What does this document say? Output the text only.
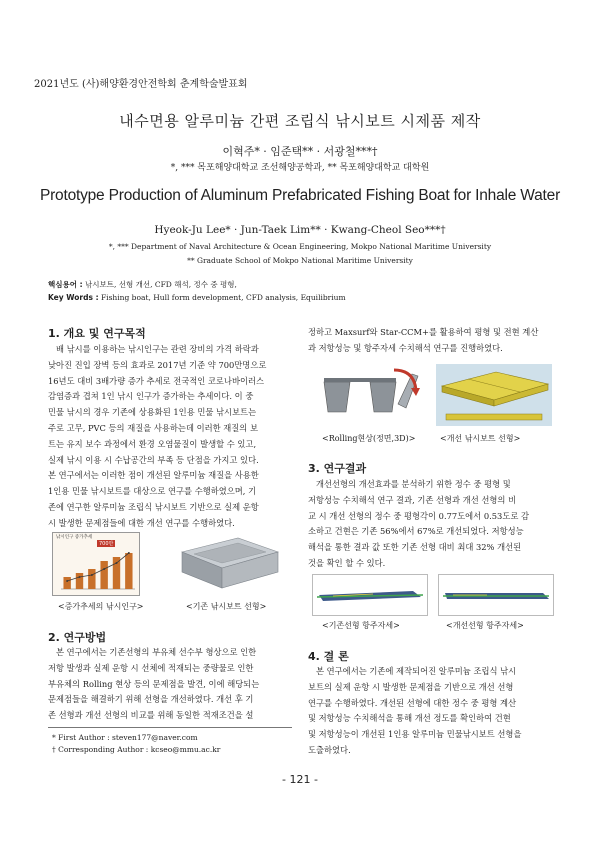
2021년도 (사)해양환경안전학회 춘계학술발표회
내수면용 알루미늄 간편 조립식 낚시보트 시제품 제작
이혁주* · 임준택** · 서광철***†
*, *** 목포해양대학교 조선해양공학과, ** 목포해양대학교 대학원
Prototype Production of Aluminum Prefabricated Fishing Boat for Inhale Water
Hyeok-Ju Lee* · Jun-Taek Lim** · Kwang-Cheol Seo***†
*, *** Department of Naval Architecture & Ocean Engineering, Mokpo National Maritime University
** Graduate School of Mokpo National Maritime University
핵심용어 : 낚시보트, 선형 개선, CFD 해석, 정수 중 평형,
Key Words : Fishing boat, Hull form development, CFD analysis, Equilibrium
1. 개요 및 연구목적
배 낚시를 이용하는 낚시인구는 관련 장비의 가격 하락과
낮아진 진입 장벽 등의 효과로 2017년 기준 약 700만명으로
16년도 대비 3배가량 증가 추세로 전국적인 코로나바이러스
감염증과 겹쳐 1인 낚시 인구가 증가하는 추세이다. 이 중
민물 낚시의 경우 기존에 상용화된 1인용 민물 낚시보트는
주로 고무, PVC 등의 재질을 사용하는데 이러한 재질의 보
트는 유지 보수 과정에서 환경 오염물질이 발생할 수 있고,
실제 낚시 이용 시 수납공간의 부족 등 단점을 가지고 있다.
본 연구에서는 이러한 점이 개선된 알루미늄 재질을 사용한
1인용 민물 낚시보트를 대상으로 연구를 수행하였으며, 기
존에 연구한 알루미늄 조립식 낚시보트 기반으로 실제 운항
시 발생한 문제점들에 대한 개선 연구를 수행하였다.
낚시인구 증가추세
700만
<증가추세의 낚시인구>	<기존 낚시보트 선형>
2. 연구방법
본 연구에서는 기존선형의 부유체 선수부 형상으로 인한
저항 발생과 실제 운항 시 선체에 적재되는 중량물로 인한
부유체의 Rolling 현상 등의 문제점을 발견, 이에 해당되는
문제점들을 해결하기 위해 선형을 개선하였다. 개선 후 기
존 선형과 개선 선형의 비교를 위해 동일한 적재조건을 설
* First Author : steven177@naver.com
† Corresponding Author : kcseo@mmu.ac.kr
정하고 Maxsurf와 Star-CCM+를 활용하여 평형 및 전현 계산
과 저항성능 및 항주자세 수치해석 연구를 진행하였다.
<Rolling현상(정면,3D)>	<개선 낚시보트 선형>
3. 연구결과
개선선형의 개선효과를 분석하기 위한 정수 중 평형 및
저항성능 수치해석 연구 결과, 기존 선형과 개선 선형의 비
교 시 개선 선형의 정수 중 평형각이 0.77도에서 0.53도로 감
소하고 건현은 기존 56%에서 67%로 개선되었다. 저항성능
해석을 통한 결과 값 또한 기존 선형 대비 최대 32% 개선된
것을 확인 할 수 있다.
<기존선형 항주자세>	<개선선형 항주자세>
4. 결 론
본 연구에서는 기존에 제작되어진 알루미늄 조립식 낚시
보트의 실제 운항 시 발생한 문제점을 기반으로 개선 선형
연구를 수행하였다. 개선된 선형에 대한 정수 중 평형 계산
및 저항성능 수치해석을 통해 개선 정도를 확인하여 건현
및 저항성능이 개선된 1인용 알루미늄 민물낚시보트 선형을
도출하였다.
- 121 -
